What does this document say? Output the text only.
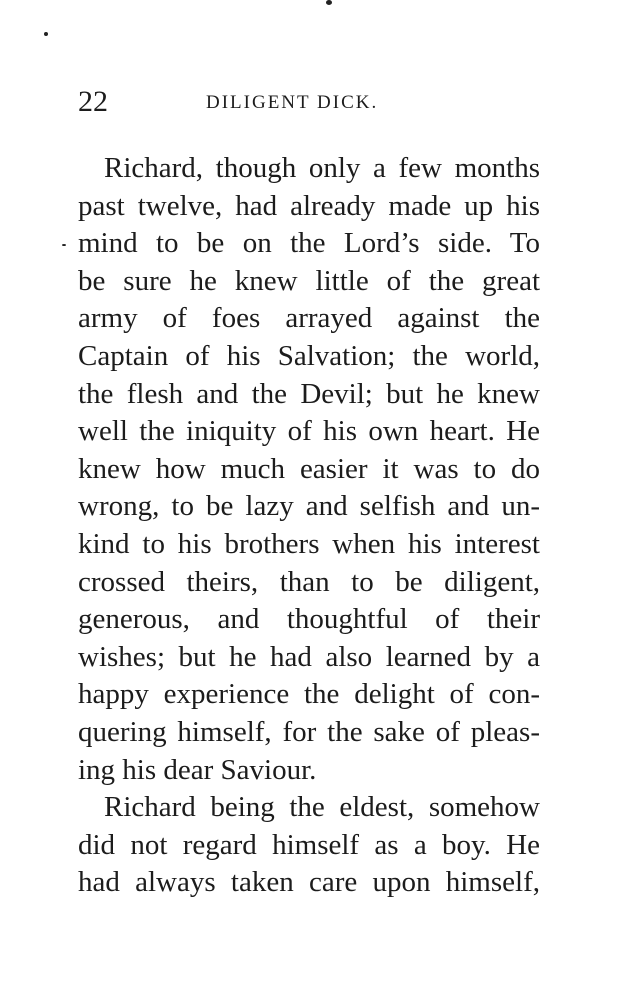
22	DILIGENT DICK.
Richard, though only a few months
past twelve, had already made up his
mind to be on the Lord’s side. To
be sure he knew little of the great
army of foes arrayed against the
Captain of his Salvation; the world,
the flesh and the Devil; but he knew
well the iniquity of his own heart. He
knew how much easier it was to do
wrong, to be lazy and selfish and un-
kind to his brothers when his interest
crossed theirs, than to be diligent,
generous, and thoughtful of their
wishes; but he had also learned by a
happy experience the delight of con-
quering himself, for the sake of pleas-
ing his dear Saviour.
Richard being the eldest, somehow
did not regard himself as a boy. He
had always taken care upon himself,
